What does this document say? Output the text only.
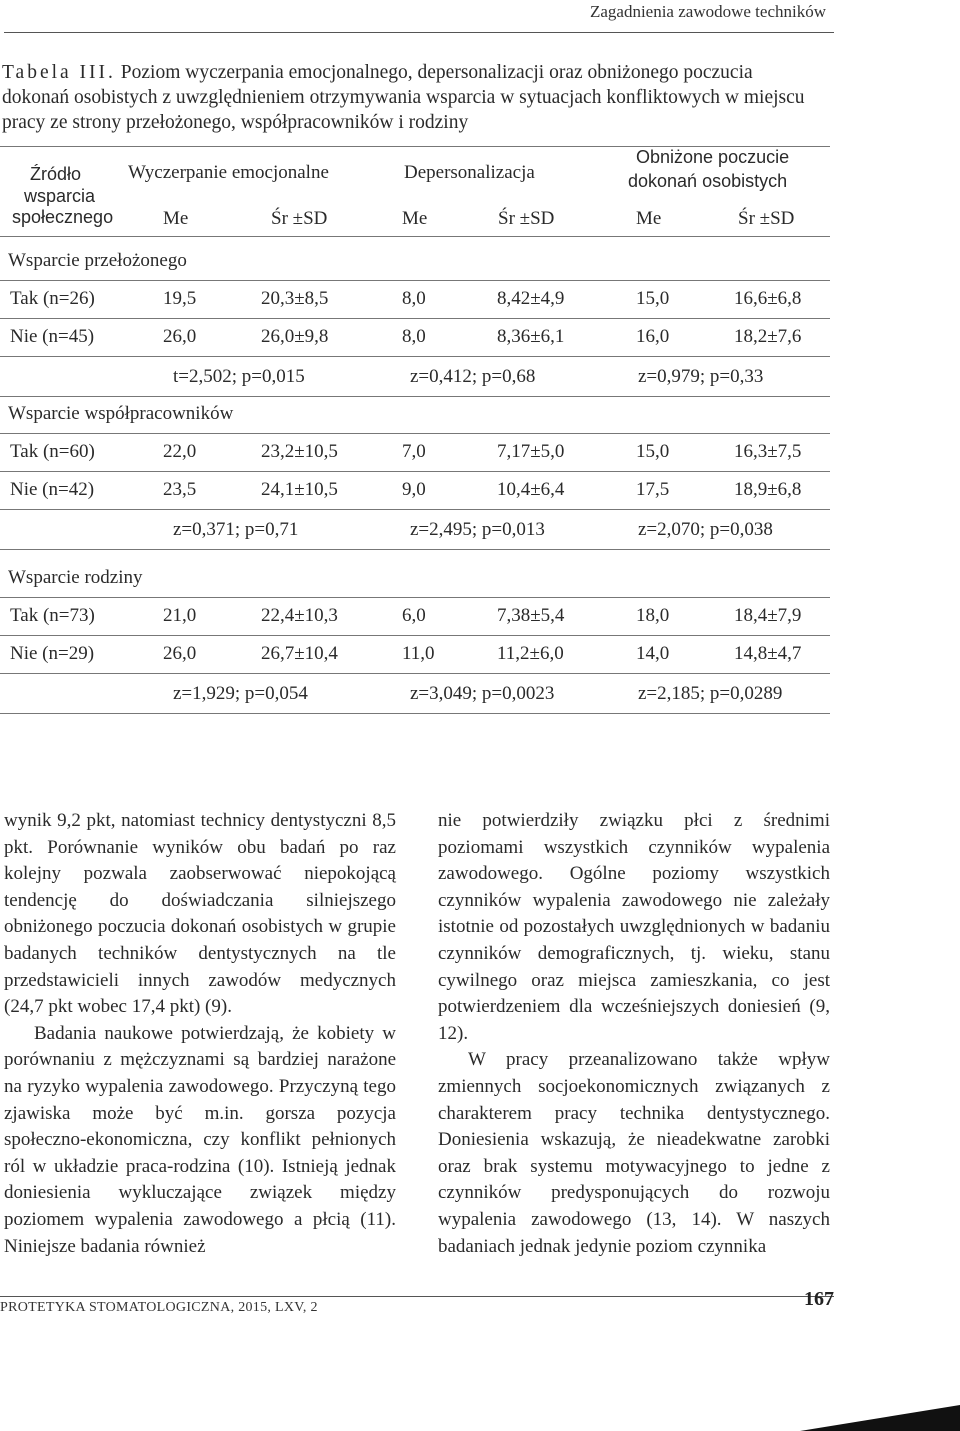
Zagadnienia zawodowe techników
Tabela III. Poziom wyczerpania emocjonalnego, depersonalizacji oraz obniżonego poczucia dokonań osobistych z uwzględnieniem otrzymywania wsparcia w sytuacjach konfliktowych w miejscu pracy ze strony przełożonego, współpracowników i rodziny
Źródło
wsparcia
społecznego
Wyczerpanie emocjonalne	Depersonalizacja
Obniżone poczucie
dokonań osobistych
Me	Śr ±SD	Me	Śr ±SD	Me	Śr ±SD
Wsparcie przełożonego
Tak (n=26)	19,5	20,3±8,5	8,0	8,42±4,9	15,0	16,6±6,8
Nie (n=45)	26,0	26,0±9,8	8,0	8,36±6,1	16,0	18,2±7,6
t=2,502; p=0,015	z=0,412; p=0,68	z=0,979; p=0,33
Wsparcie współpracowników
Tak (n=60)	22,0	23,2±10,5	7,0	7,17±5,0	15,0	16,3±7,5
Nie (n=42)	23,5	24,1±10,5	9,0	10,4±6,4	17,5	18,9±6,8
z=0,371; p=0,71	z=2,495; p=0,013	z=2,070; p=0,038
Wsparcie rodziny
Tak (n=73)	21,0	22,4±10,3	6,0	7,38±5,4	18,0	18,4±7,9
Nie (n=29)	26,0	26,7±10,4	11,0	11,2±6,0	14,0	14,8±4,7
z=1,929; p=0,054	z=3,049; p=0,0023	z=2,185; p=0,0289

wynik 9,2 pkt, natomiast technicy dentystyczni 8,5 pkt. Porównanie wyników obu badań po raz kolejny pozwala zaobserwować niepokojącą tendencję do doświadczania silniejszego obniżonego poczucia dokonań osobistych w grupie badanych techników dentystycznych na tle przedstawicieli innych zawodów medycznych (24,7 pkt wobec 17,4 pkt) (9).

Badania naukowe potwierdzają, że kobiety w porównaniu z mężczyznami są bardziej narażone na ryzyko wypalenia zawodowego. Przyczyną tego zjawiska może być m.in. gorsza pozycja społeczno-ekonomiczna, czy konflikt pełnionych ról w układzie praca-rodzina (10). Istnieją jednak doniesienia wykluczające związek między poziomem wypalenia zawodowego a płcią (11). Niniejsze badania również

nie potwierdziły związku płci z średnimi poziomami wszystkich czynników wypalenia zawodowego. Ogólne poziomy wszystkich czynników wypalenia zawodowego nie zależały istotnie od pozostałych uwzględnionych w badaniu czynników demograficznych, tj. wieku, stanu cywilnego oraz miejsca zamieszkania, co jest potwierdzeniem dla wcześniejszych doniesień (9, 12).

W pracy przeanalizowano także wpływ zmiennych socjoekonomicznych związanych z charakterem pracy technika dentystycznego. Doniesienia wskazują, że nieadekwatne zarobki oraz brak systemu motywacyjnego to jedne z czynników predysponujących do rozwoju wypalenia zawodowego (13, 14). W naszych badaniach jednak jedynie poziom czynnika

PROTETYKA STOMATOLOGICZNA, 2015, LXV, 2	167
